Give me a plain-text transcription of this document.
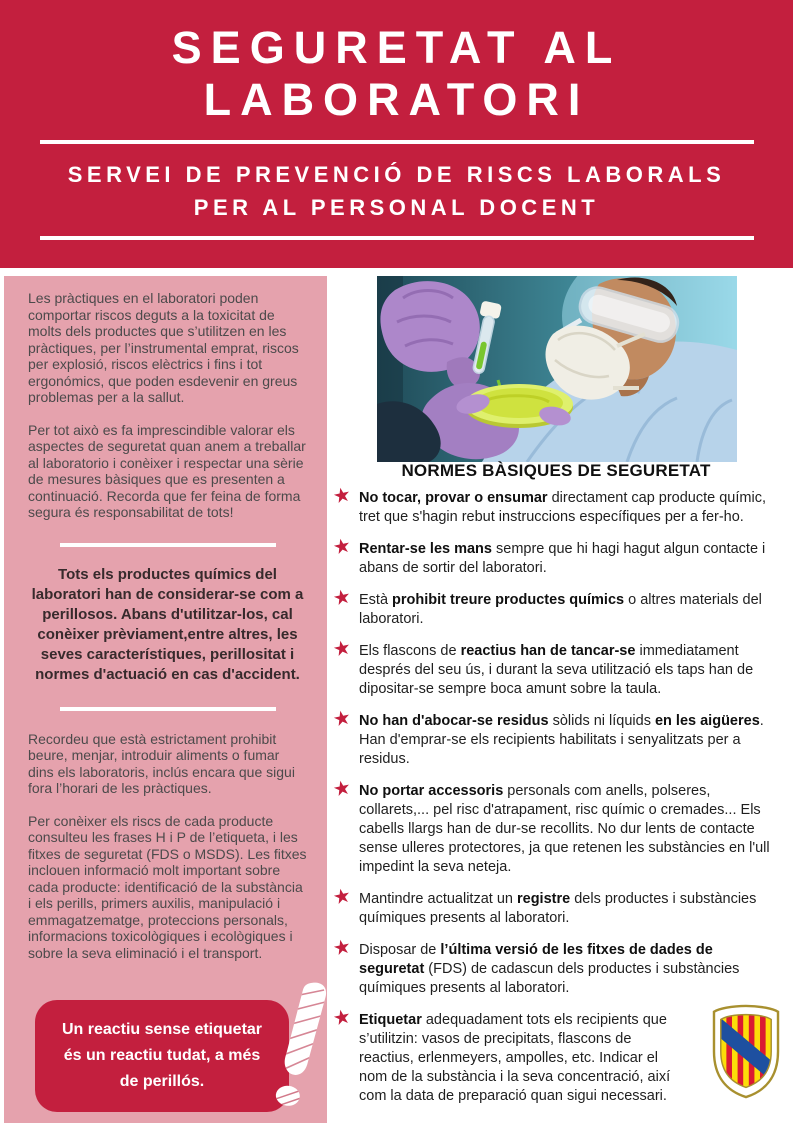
SEGURETAT AL
LABORATORI
SERVEI DE PREVENCIÓ DE RISCS LABORALS
PER AL PERSONAL DOCENT

Les pràctiques en el laboratori poden comportar riscos deguts a la toxicitat de molts dels productes que s’utilitzen en les pràctiques, per l’instrumental emprat, riscos per explosió, riscos elèctrics i fins i tot ergonómics, que poden esdevenir en greus problemas per a la sallut.

Per tot això es fa imprescindible valorar els aspectes de seguretat quan anem a treballar al laboratorio i conèixer i respectar una sèrie de mesures bàsiques que es presenten a continuació. Recorda que fer feina de forma segura és responsabilitat de tots!

Tots els productes químics del laboratori han de considerar-se com a perillosos. Abans d'utilitzar-los, cal conèixer prèviament,entre altres, les seves característiques, perillositat i normes d'actuació en cas d'accident.

Recordeu que està estrictament prohibit beure, menjar, introduir aliments o fumar dins els laboratoris, inclús encara que sigui fora l’horari de les pràctiques.

Per conèixer els riscs de cada producte consulteu les frases H i P de l’etiqueta, i les fitxes de seguretat (FDS o MSDS). Les fitxes inclouen informació molt important sobre cada producte: identificació de la substància i els perills, primers auxilis, manipulació i emmagatzematge, proteccions personals, informacions toxicològiques i ecològiques i sobre la seva eliminació i el transport.

Un reactiu sense etiquetar és un reactiu tudat, a més de perillós.
NORMES BÀSIQUES DE SEGURETAT
★ No tocar, provar o ensumar directament cap producte químic, tret que s'hagin rebut instruccions específiques per a fer-ho.
★ Rentar-se les mans sempre que hi hagi hagut algun contacte i abans de sortir del laboratori.
★ Està prohibit treure productes químics o altres materials del laboratori.
★ Els flascons de reactius han de tancar-se immediatament després del seu ús, i durant la seva utilització els taps han de dipositar-se sempre boca amunt sobre la taula.
★ No han d'abocar-se residus sòlids ni líquids en les aigüeres. Han d'emprar-se els recipients habilitats i senyalitzats per a residus.
★ No portar accessoris personals com anells, polseres, collarets,... pel risc d'atrapament, risc químic o cremades... Els cabells llargs han de dur-se recollits. No dur lents de contacte sense ulleres protectores, ja que retenen les substàncies en l'ull impedint la seva neteja.
★ Mantindre actualitzat un registre dels productes i substàncies químiques presents al laboratori.
★ Disposar de l’última versió de les fitxes de dades de seguretat (FDS) de cadascun dels productes i substàncies químiques presents al laboratori.
★ Etiquetar adequadament tots els recipients que s’utilitzin: vasos de precipitats, flascons de reactius, erlenmeyers, ampolles, etc. Indicar el nom de la substància i la seva concentració, així com la data de preparació quan sigui necessari.
